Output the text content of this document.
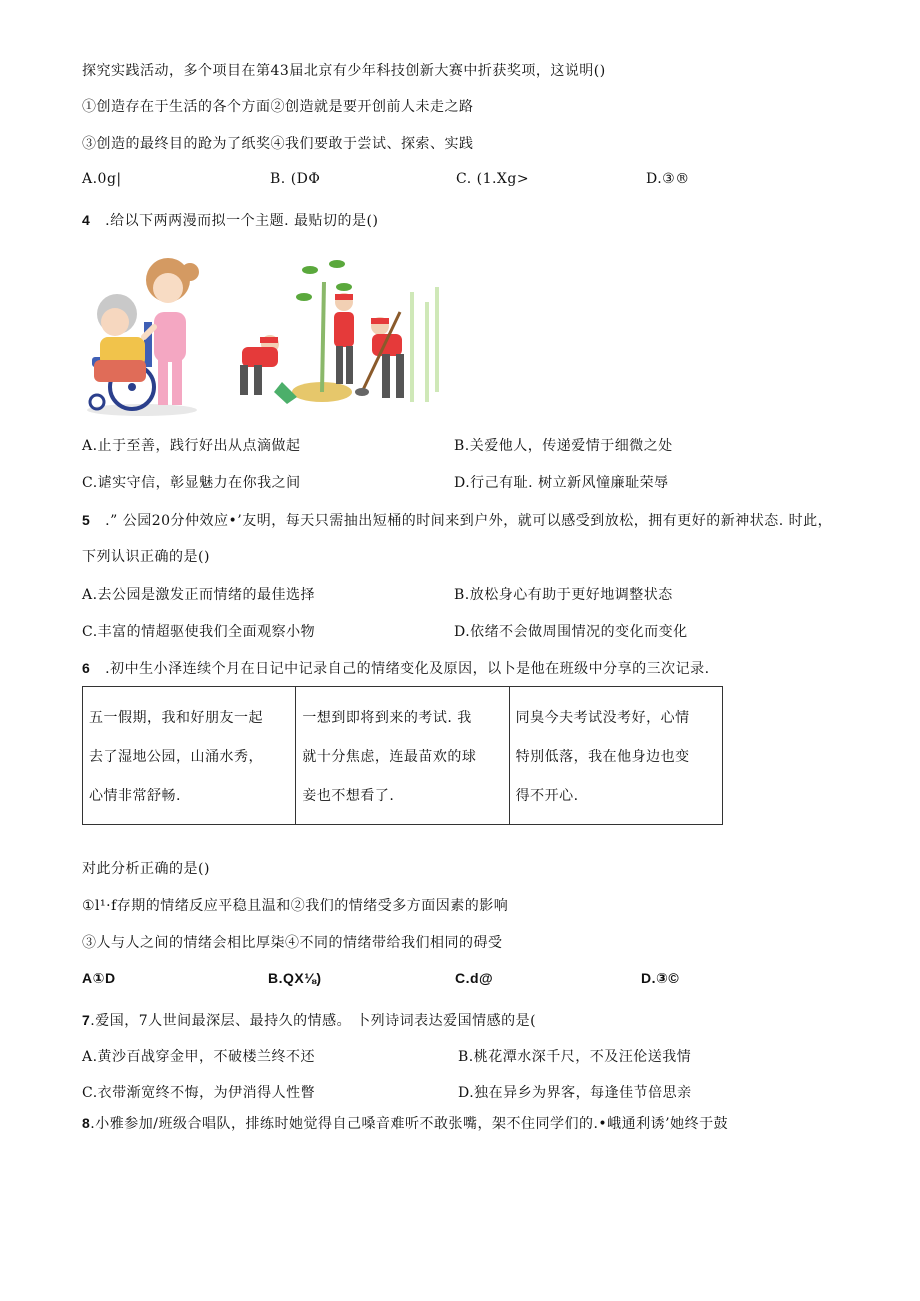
探究实践活动，多个项目在第43届北京有少年科技创新大赛中折获奖项，这说明()
①创造存在于生活的各个方面②创造就是要开创前人未走之路
③创造的最终目的跄为了纸奖④我们要敢于尝试、探索、实践
A.0g|	B. (DΦ	C. (1.Xg>	D.③®
4 .给以下两两漫而拟一个主题. 最贴切的是()
A.止于至善，践行好出从点滴做起	B.关爱他人，传递爱情于细微之处
C.谑实守信，彰显魅力在你我之间	D.行己有耻. 树立新风憧廉耻荣辱
5 .” 公园20分仲效应•’友明，每天只需抽出短桶的时间来到户外，就可以感受到放松，拥有更好的新神状态. 时此，
下列认识正确的是()
A.去公园是激发正而情绪的最佳选择	B.放松身心有助于更好地调整状态
C.丰富的情超驱使我们全面观察小物	D.依绪不会做周围情况的变化而变化
6 .初中生小泽连续个月在日记中记录自己的情绪变化及原因，以卜是他在班级中分享的三次记录.
五一假期，我和好朋友一起
去了湿地公园，山涌水秀，
心情非常舒畅.

一想到即将到来的考试. 我
就十分焦虑，连最苗欢的球
妾也不想看了.

同臭今夫考试没考好，心情
特別低落，我在他身边也变
得不开心.
对此分析正确的是()
①l¹·f存期的情绪反应平稳且温和②我们的情绪受多方面因素的影响
③人与人之间的情绪会相比厚柒④不同的情绪带给我们相同的碍受
A①D	B.QX⅛)	C.d@	D.③©
7.爱国，7人世间最深层、最持久的情感。 卜列诗词表达爱国情感的是(
A.黄沙百战穿金甲，不破楼兰终不还	B.桃花潭水深千尺，不及汪伦送我情
C.衣带渐宽终不悔，为伊消得人性瞥	D.独在异乡为界客，每逢佳节倍思亲
8.小雅参加/班级合唱队，排练时她觉得自己嗓音难听不敢张嘴，架不住同学们的.•峨通利诱’她终于鼓
